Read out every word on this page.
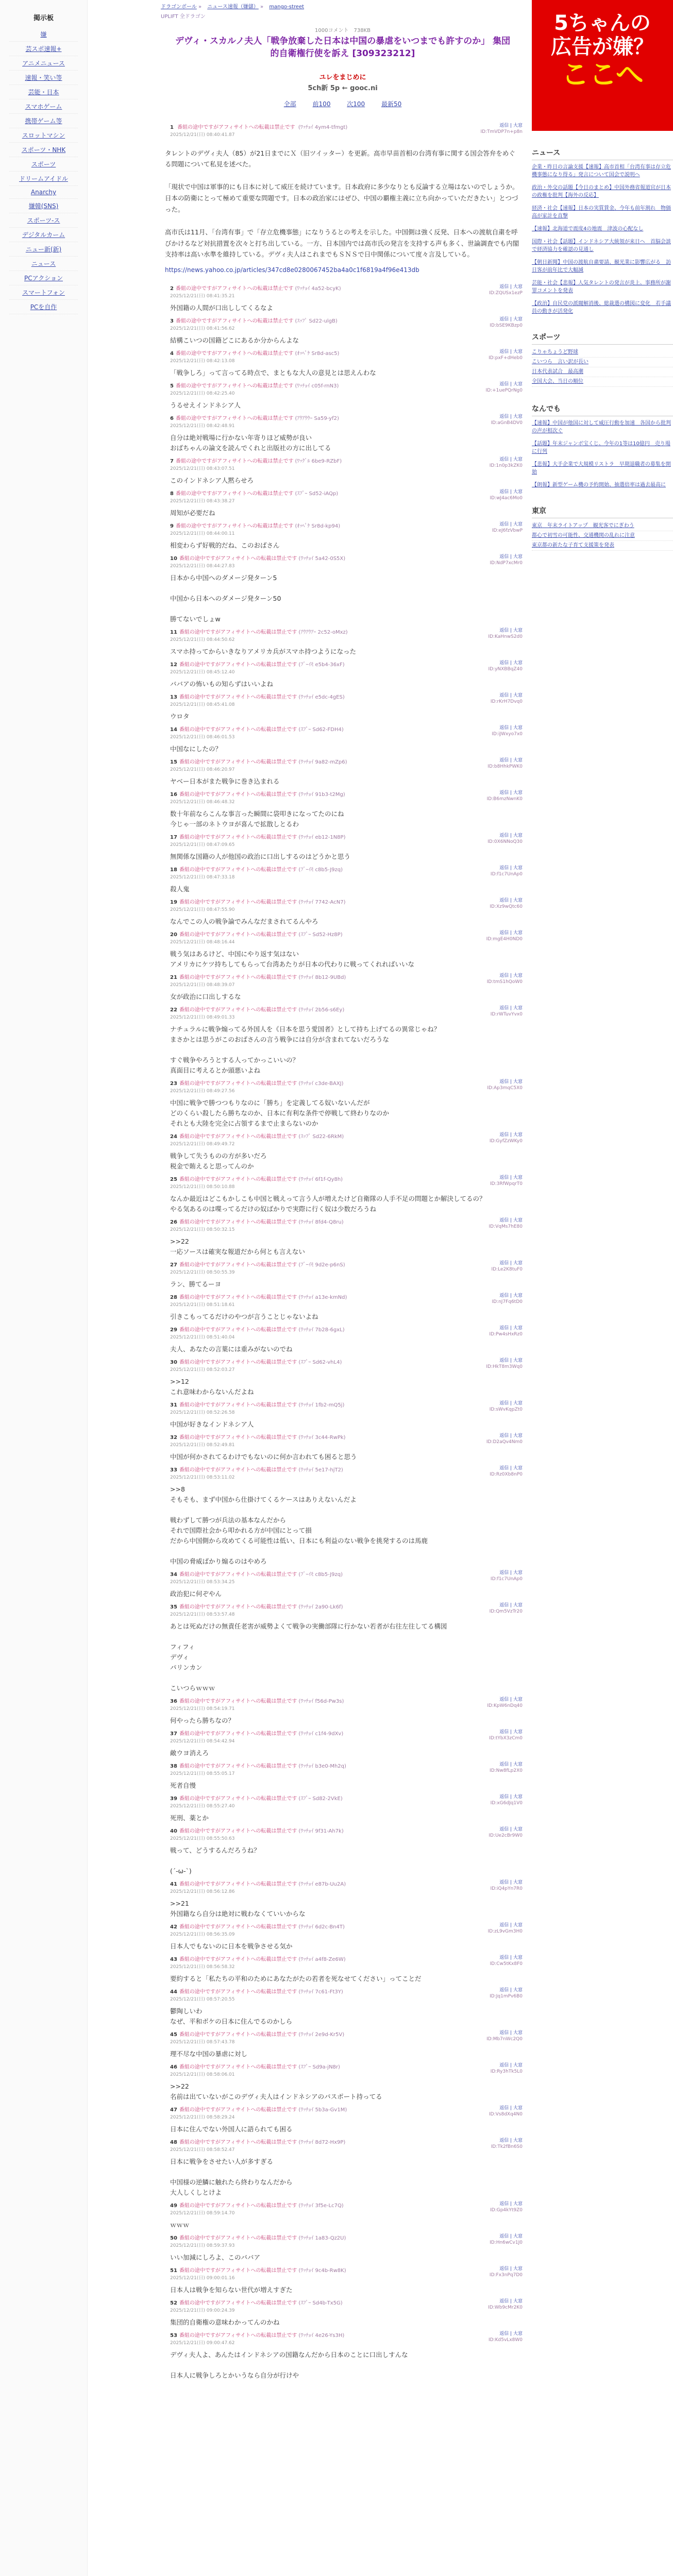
掲示板
嫌
芸スポ速報+
アニメニュース
速報・笑い等
芸能・日本
スマホゲーム
携帯ゲーム等
スロットマシン
スポーツ・NHK
スポーツ
ドリームアイドル
Anarchy
嫌韓(SNS)
スポーツ-ス
デジタルカーム
ニュー新(新)
ニュース
PCアクション
スマートフォン
PCを自作
ドラゴンボール » ニュース速報（嫌儲） » mango-street
UPLIFT 全ドラゴン
1000コメント　738KB
デヴィ・スカルノ夫人「戦争放棄した日本は中国の暴虐をいつまでも許すのか」 集団的自衛権行使を訴え [309323212]
ユレをまじめに
5ch新 5p ← gooc.ni
全部	前100	次100	最新50
1 番組の途中ですがアフィサイトへの転載は禁止です (ﾜｯﾁｮｲ 4ym4-tfmgt)
2025/12/21(日) 08:40:41.87
返信 | 大窓
ID:TmVDP7n+p8n
タレントのデヴィ夫人（85）が21日までにＸ（旧ツイッター）を更新。高市早苗首相の台湾有事に関する国会答弁をめぐる問題について私見を述べた。

「現状で中国は軍事的にも日本に対して威圧を続けています。日本政府に多少なりとも反論する立場はないのでしょうか。日本の防衛にとって極めて重要な問題です。日本の政治家にはぜひ、中国の覇権主義に立ち向かっていただきたい」とつづった。

高市氏は11月、「台湾有事」で「存立危機事態」になりうるとの考えを示した。中国側は強く反発、日本への渡航自粛を呼びかけるなど対抗措置を次々と打ち出している。一方、日本国内では高市氏の発言を支持する声も多く、世論調査でも内閣支持率は高い水準を維持している。デヴィ夫人はこれまでもＳＮＳで日中関係について度々言及している。
https://news.yahoo.co.jp/articles/347cd8e0280067452ba4a0c1f6819a4f96e413db
2 番組の途中ですがアフィサイトへの転載は禁止です (ﾜｯﾁｮｲ 4a52-bcyK)
2025/12/21(日) 08:41:35.21
返信 | 大窓
ID:ZQUSx1ezP
外国籍の人間が口出ししてくるなよ
3 番組の途中ですがアフィサイトへの転載は禁止です (ｽｯﾌﾟ Sd22-ulgB)
2025/12/21(日) 08:41:56.62
返信 | 大窓
ID:bSE9KBzp0
結構こいつの国籍どこにあるか分からんよな
4 番組の途中ですがアフィサイトへの転載は禁止です (ｵｯﾍﾟｹ Sr8d-asc5)
2025/12/21(日) 08:42:13.08
返信 | 大窓
ID:pxF+dHeb0
「戦争しろ」って言ってる時点で、まともな大人の意見とは思えんわな
5 番組の途中ですがアフィサイトへの転載は禁止です (ﾜｯﾁｮｲ c05f-rnN3)
2025/12/21(日) 08:42:25.40
返信 | 大窓
ID:+1uePQrNg0
うるせえインドネシア人
6 番組の途中ですがアフィサイトへの転載は禁止です (ｱｳｱｳｳｰ Sa59-yf2)
2025/12/21(日) 08:42:48.91
返信 | 大窓
ID:aGnB4DV0
自分は絶対戦場に行かない年寄りほど威勢が良い
おばちゃんの論文を読んでくれと出版社の方に出してる
7 番組の途中ですがアフィサイトへの転載は禁止です (ﾜｯｸﾞﾙ 6be9-RZbF)
2025/12/21(日) 08:43:07.51
返信 | 大窓
ID:1n0p3kZK0
このインドネシア人黙らせろ
8 番組の途中ですがアフィサイトへの転載は禁止です (ｽﾌﾟｰ Sd52-iAQp)
2025/12/21(日) 08:43:38.27
返信 | 大窓
ID:wJ4ac6Mo0
周知が必要だね
9 番組の途中ですがアフィサイトへの転載は禁止です (ｵｯﾍﾟｹ Sr8d-kp94)
2025/12/21(日) 08:44:00.11
返信 | 大窓
ID:eJ6fzVbwP
相変わらず好戦的だね、このおばさん
10 番組の途中ですがアフィサイトへの転載は禁止です (ﾜｯﾁｮｲ 5a42-0S5X)
2025/12/21(日) 08:44:27.83
返信 | 大窓
ID:NdP7xcMr0
日本から中国へのダメージ発ターン5

中国から日本へのダメージ発ターン50

勝てないでしょw
11 番組の途中ですがアフィサイトへの転載は禁止です (ｱｳｱｳｱｰ 2c52-oMxz)
2025/12/21(日) 08:44:50.62
返信 | 大窓
ID:KaHnwS2d0
スマホ持ってからいきなりアメリカ兵がスマホ持つようになった
12 番組の途中ですがアフィサイトへの転載は禁止です (ﾌﾞｰｲﾓ e5b4-36xF)
2025/12/21(日) 08:45:12.40
返信 | 大窓
ID:yNXBBqZ40
ババアの怖いもの知らずはいいよね
13 番組の途中ですがアフィサイトへの転載は禁止です (ﾜｯﾁｮｲ e5dc-4gES)
2025/12/21(日) 08:45:41.08
返信 | 大窓
ID:rKrH7Dvq0
ウロタ
14 番組の途中ですがアフィサイトへの転載は禁止です (ｽﾌﾟｰ Sd62-FDH4)
2025/12/21(日) 08:46:01.53
返信 | 大窓
ID:iJWxyo7x0
中国なにしたの？
15 番組の途中ですがアフィサイトへの転載は禁止です (ﾜｯﾁｮｲ 9a82-mZp6)
2025/12/21(日) 08:46:20.97
返信 | 大窓
ID:b8HhkPWK0
ヤベー日本がまた戦争に巻き込まれる
16 番組の途中ですがアフィサイトへの転載は禁止です (ﾜｯﾁｮｲ 91b3-t2Mg)
2025/12/21(日) 08:46:48.32
返信 | 大窓
ID:B6mzNwnK0
数十年前ならこんな事言った瞬間に袋叩きになってたのにね
今じゃ一部のネトウヨが喜んで拡散しとるわ
17 番組の途中ですがアフィサイトへの転載は禁止です (ﾜｯﾁｮｲ eb12-1N8P)
2025/12/21(日) 08:47:09.65
返信 | 大窓
ID:0X6NNoQ30
無関係な国籍の人が他国の政治に口出しするのはどうかと思う
18 番組の途中ですがアフィサイトへの転載は禁止です (ﾌﾞｰｲﾓ c8b5-J9zq)
2025/12/21(日) 08:47:33.18
返信 | 大窓
ID:f1c7UnAp0
殺人鬼
19 番組の途中ですがアフィサイトへの転載は禁止です (ﾜｯﾁｮｲ 7742-AcN7)
2025/12/21(日) 08:47:55.90
返信 | 大窓
ID:Xz9wQtc60
なんでこの人の戦争論でみんなだまされてるんやろ
20 番組の途中ですがアフィサイトへの転載は禁止です (ｽﾌﾟｰ Sd52-Hz8P)
2025/12/21(日) 08:48:16.44
返信 | 大窓
ID:mgE4H0ND0
戦う気はあるけど、中国にやり返す気はない
アメリカにケツ持ちしてもらって台湾あたりが日本の代わりに戦ってくれればいいな
21 番組の途中ですがアフィサイトへの転載は禁止です (ﾜｯﾁｮｲ 8b12-9UBd)
2025/12/21(日) 08:48:39.07
返信 | 大窓
ID:tmS1hQoW0
女が政治に口出しするな
22 番組の途中ですがアフィサイトへの転載は禁止です (ﾜｯﾁｮｲ 2b56-s6Ey)
2025/12/21(日) 08:49:01.33
返信 | 大窓
ID:rWTuvYvx0
ナチュラルに戦争煽ってる外国人を《日本を思う愛国者》として持ち上げてるの異常じゃね？
まさかとは思うがこのおばさんの言う戦争には自分が含まれてないだろうな

すぐ戦争やろうとする人ってかっこいいの？
真面目に考えるとか頭悪いよね
23 番組の途中ですがアフィサイトへの転載は禁止です (ﾜｯﾁｮｲ c3de-BAXJ)
2025/12/21(日) 08:49:27.56
返信 | 大窓
ID:Ap3mqC5X0
中国に戦争で勝つつもりなのに「勝ち」を定義してる奴いないんだが
どのくらい殺したら勝ちなのか、日本に有利な条件で停戦して終わりなのか
それとも大陸を完全に占領するまで止まらないのか
24 番組の途中ですがアフィサイトへの転載は禁止です (ｽｯﾌﾟ Sd22-6RkM)
2025/12/21(日) 08:49:49.72
返信 | 大窓
ID:GyfZzWKy0
戦争して失うものの方が多いだろ
税金で賄えると思ってんのか
25 番組の途中ですがアフィサイトへの転載は禁止です (ﾜｯﾁｮｲ 6f1f-Qy8h)
2025/12/21(日) 08:50:10.88
返信 | 大窓
ID:3RfWpqrT0
なんか最近はどこもかしこも中国と戦えって言う人が増えたけど自衛隊の人手不足の問題とか解決してるの？
やる気あるのは喋ってるだけの奴ばかりで実際に行く奴は少数だろうね
26 番組の途中ですがアフィサイトへの転載は禁止です (ﾜｯﾁｮｲ 8fd4-Q8ru)
2025/12/21(日) 08:50:32.15
返信 | 大窓
ID:VqMs7hE80
>>22
一応ソースは確実な報道だから何とも言えない
27 番組の途中ですがアフィサイトへの転載は禁止です (ﾌﾞｰｲﾓ 9d2e-p6nS)
2025/12/21(日) 08:50:55.39
返信 | 大窓
ID:Le2K8tuF0
ラン、勝てるーヨ
28 番組の途中ですがアフィサイトへの転載は禁止です (ﾜｯﾁｮｲ a13e-kmNd)
2025/12/21(日) 08:51:18.61
返信 | 大窓
ID:nJ7Fq6tD0
引きこもってるだけのやつが言うことじゃないよね
29 番組の途中ですがアフィサイトへの転載は禁止です (ﾜｯﾁｮｲ 7b28-6gxL)
2025/12/21(日) 08:51:40.04
返信 | 大窓
ID:Pw4sHxRz0
夫人、あなたの言葉には重みがないのでね
30 番組の途中ですがアフィサイトへの転載は禁止です (ｽﾌﾟｰ Sd62-vhL4)
2025/12/21(日) 08:52:03.27
返信 | 大窓
ID:HkT8m3Wq0
>>12
これ意味わからないんだよね
31 番組の途中ですがアフィサイトへの転載は禁止です (ﾜｯﾁｮｲ 1fb2-mQ5j)
2025/12/21(日) 08:52:26.58
返信 | 大窓
ID:sWvKqpZt0
中国が好きなインドネシア人
32 番組の途中ですがアフィサイトへの転載は禁止です (ﾜｯﾁｮｲ 3c44-RwPk)
2025/12/21(日) 08:52:49.81
返信 | 大窓
ID:D2aQv4Nm0
中国が何かされてるわけでもないのに何か言われても困ると思う
33 番組の途中ですがアフィサイトへの転載は禁止です (ﾜｯﾁｮｲ 5e17-hjT2)
2025/12/21(日) 08:53:11.02
返信 | 大窓
ID:Rz0Xb8nP0
>>8
そもそも、まず中国から仕掛けてくるケースはありえないんだよ

戦わずして勝つが兵法の基本なんだから
それで国際社会から叩かれる方が中国にとって損
だから中国側から攻めてくる可能性は低い、日本にも利益のない戦争を挑発するのは馬鹿

中国の脅威ばかり煽るのはやめろ
34 番組の途中ですがアフィサイトへの転載は禁止です (ﾌﾞｰｲﾓ c8b5-J9zq)
2025/12/21(日) 08:53:34.25
返信 | 大窓
ID:f1c7UnAp0
政治犯に何ぞやん
35 番組の途中ですがアフィサイトへの転載は禁止です (ﾜｯﾁｮｲ 2a90-Lk6f)
2025/12/21(日) 08:53:57.48
返信 | 大窓
ID:Qm5VzTr20
あとは死ぬだけの無責任老害が威勢よくて戦争の実働部隊に行かない若者が右往左往してる構図

フィフィ
デヴィ
パリンカン

こいつらｗｗｗ
36 番組の途中ですがアフィサイトへの転載は禁止です (ﾜｯﾁｮｲ f56d-Pw3s)
2025/12/21(日) 08:54:19.71
返信 | 大窓
ID:KpW6nDq40
何やったら勝ちなの？
37 番組の途中ですがアフィサイトへの転載は禁止です (ﾜｯﾁｮｲ c1f4-9dXv)
2025/12/21(日) 08:54:42.94
返信 | 大窓
ID:tYbX3zCm0
敵ウヨ消えろ
38 番組の途中ですがアフィサイトへの転載は禁止です (ﾜｯﾁｮｲ b3e0-Mh2q)
2025/12/21(日) 08:55:05.17
返信 | 大窓
ID:Nw8fLp2X0
死者自慢
39 番組の途中ですがアフィサイトへの転載は禁止です (ｽﾌﾟｰ Sd82-2VkE)
2025/12/21(日) 08:55:27.40
返信 | 大窓
ID:xG6dJq1V0
死刑、薬とか
40 番組の途中ですがアフィサイトへの転載は禁止です (ﾜｯﾁｮｲ 9f31-Ah7k)
2025/12/21(日) 08:55:50.63
返信 | 大窓
ID:Ue2cBr9W0
戦って、どうするんだろうね？

(´-ω-`)
41 番組の途中ですがアフィサイトへの転載は禁止です (ﾜｯﾁｮｲ e87b-Uu2A)
2025/12/21(日) 08:56:12.86
返信 | 大窓
ID:iQ4pYn7R0
>>21
外国籍なら自分は絶対に戦わなくていいからな
42 番組の途中ですがアフィサイトへの転載は禁止です (ﾜｯﾁｮｲ 6d2c-Bn4T)
2025/12/21(日) 08:56:35.09
返信 | 大窓
ID:zL9vGm3H0
日本人でもないのに日本を戦争させる気か
43 番組の途中ですがアフィサイトへの転載は禁止です (ﾜｯﾁｮｲ a4f8-Ze6W)
2025/12/21(日) 08:56:58.32
返信 | 大窓
ID:Cw5tKx8F0
要約すると「私たちの平和のためにあなたがたの若者を死なせてください」ってことだ
44 番組の途中ですがアフィサイトへの転載は禁止です (ﾜｯﾁｮｲ 7c61-Ft3Y)
2025/12/21(日) 08:57:20.55
返信 | 大窓
ID:Jq1mPv6B0
鬱陶しいわ
なぜ、平和ボケの日本に住んでるのかしら
45 番組の途中ですがアフィサイトへの転載は禁止です (ﾜｯﾁｮｲ 2e9d-Kr5V)
2025/12/21(日) 08:57:43.78
返信 | 大窓
ID:Mb7nWc2Q0
理不尽な中国の暴虐に対し
46 番組の途中ですがアフィサイトへの転載は禁止です (ｽﾌﾟｰ Sd9a-jN8r)
2025/12/21(日) 08:58:06.01
返信 | 大窓
ID:Ry3hTk5L0
>>22
名前は出ていないがこのデヴィ夫人はインドネシアのパスポート持ってる
47 番組の途中ですがアフィサイトへの転載は禁止です (ﾜｯﾁｮｲ 5b3a-Gv1M)
2025/12/21(日) 08:58:29.24
返信 | 大窓
ID:Vs8dXq4N0
日本に住んでない外国人に語られても困る
48 番組の途中ですがアフィサイトへの転載は禁止です (ﾜｯﾁｮｲ 8d72-Hx9P)
2025/12/21(日) 08:58:52.47
返信 | 大窓
ID:Tk2fBn6S0
日本に戦争をさせたい人が多すぎる

中国様の逆鱗に触れたら終わりなんだから
大人しくしとけよ
49 番組の途中ですがアフィサイトへの転載は禁止です (ﾜｯﾁｮｲ 3f5e-Lc7Q)
2025/12/21(日) 08:59:14.70
返信 | 大窓
ID:Gp4kYt9Z0
ｗｗｗ
50 番組の途中ですがアフィサイトへの転載は禁止です (ﾜｯﾁｮｲ 1a83-Qz2U)
2025/12/21(日) 08:59:37.93
返信 | 大窓
ID:Hn6wCv1J0
いい加減にしろよ、このババア
51 番組の途中ですがアフィサイトへの転載は禁止です (ﾜｯﾁｮｲ 9c4b-Rw8K)
2025/12/21(日) 09:00:01.16
返信 | 大窓
ID:Fx3nPq7D0
日本人は戦争を知らない世代が増えすぎた
52 番組の途中ですがアフィサイトへの転載は禁止です (ｽﾌﾟｰ Sd4b-Tx5G)
2025/12/21(日) 09:00:24.39
返信 | 大窓
ID:Wb9cMr2K0
集団的自衛権の意味わかってんのかね
53 番組の途中ですがアフィサイトへの転載は禁止です (ﾜｯﾁｮｲ 4e26-Ys3H)
2025/12/21(日) 09:00:47.62
返信 | 大窓
ID:Kd5vLx8W0
デヴィ夫人よ、あんたはインドネシアの国籍なんだから日本のことに口出しすんな

日本人に戦争しろとかいうなら自分が行けや
5ちゃんの
広告が嫌？
ここへ
ニュース
企業・昨日の言論支援【速報】高市首相「台湾有事は存立危機事態になり得る」発言について国会で説明へ
政治・外交の話題【今日のまとめ】中国外務省報道官が日本の政権を批判【海外の反応】
経済・社会【速報】日本の実質賃金、今年も前年割れ　物価高が家計を直撃
【速報】北海道で震度4の地震　津波の心配なし
国際・社会【話題】インドネシア大統領が来日へ　首脳会談で経済協力を確認の見通し
【朝日新聞】中国の渡航自粛要請、観光業に影響広がる　訪日客が前年比で大幅減
芸能・社会【悲報】人気タレントの発言が炎上、事務所が謝罪コメントを発表
【政治】自民党の派閥解消後、総裁選の構図に変化　若手議員の動きが活発化
スポーツ
こりゃちょうど野球
こいつら　言い訳が長い
日本代表試合　最高潮
全国大会、当日の順位
なんでも
【速報】中国が他国に対して威圧行動を加速　各国から批判の声が相次ぐ
【話題】年末ジャンボ宝くじ、今年の1等は10億円　売り場に行列
【悲報】大手企業で大規模リストラ　早期退職者の募集を開始
【朗報】新型ゲーム機の予約開始、抽選倍率は過去最高に
東京
東京　年末ライトアップ　観光客でにぎわう
都心で初雪の可能性、交通機関の乱れに注意
東京都の新たな子育て支援策を発表
